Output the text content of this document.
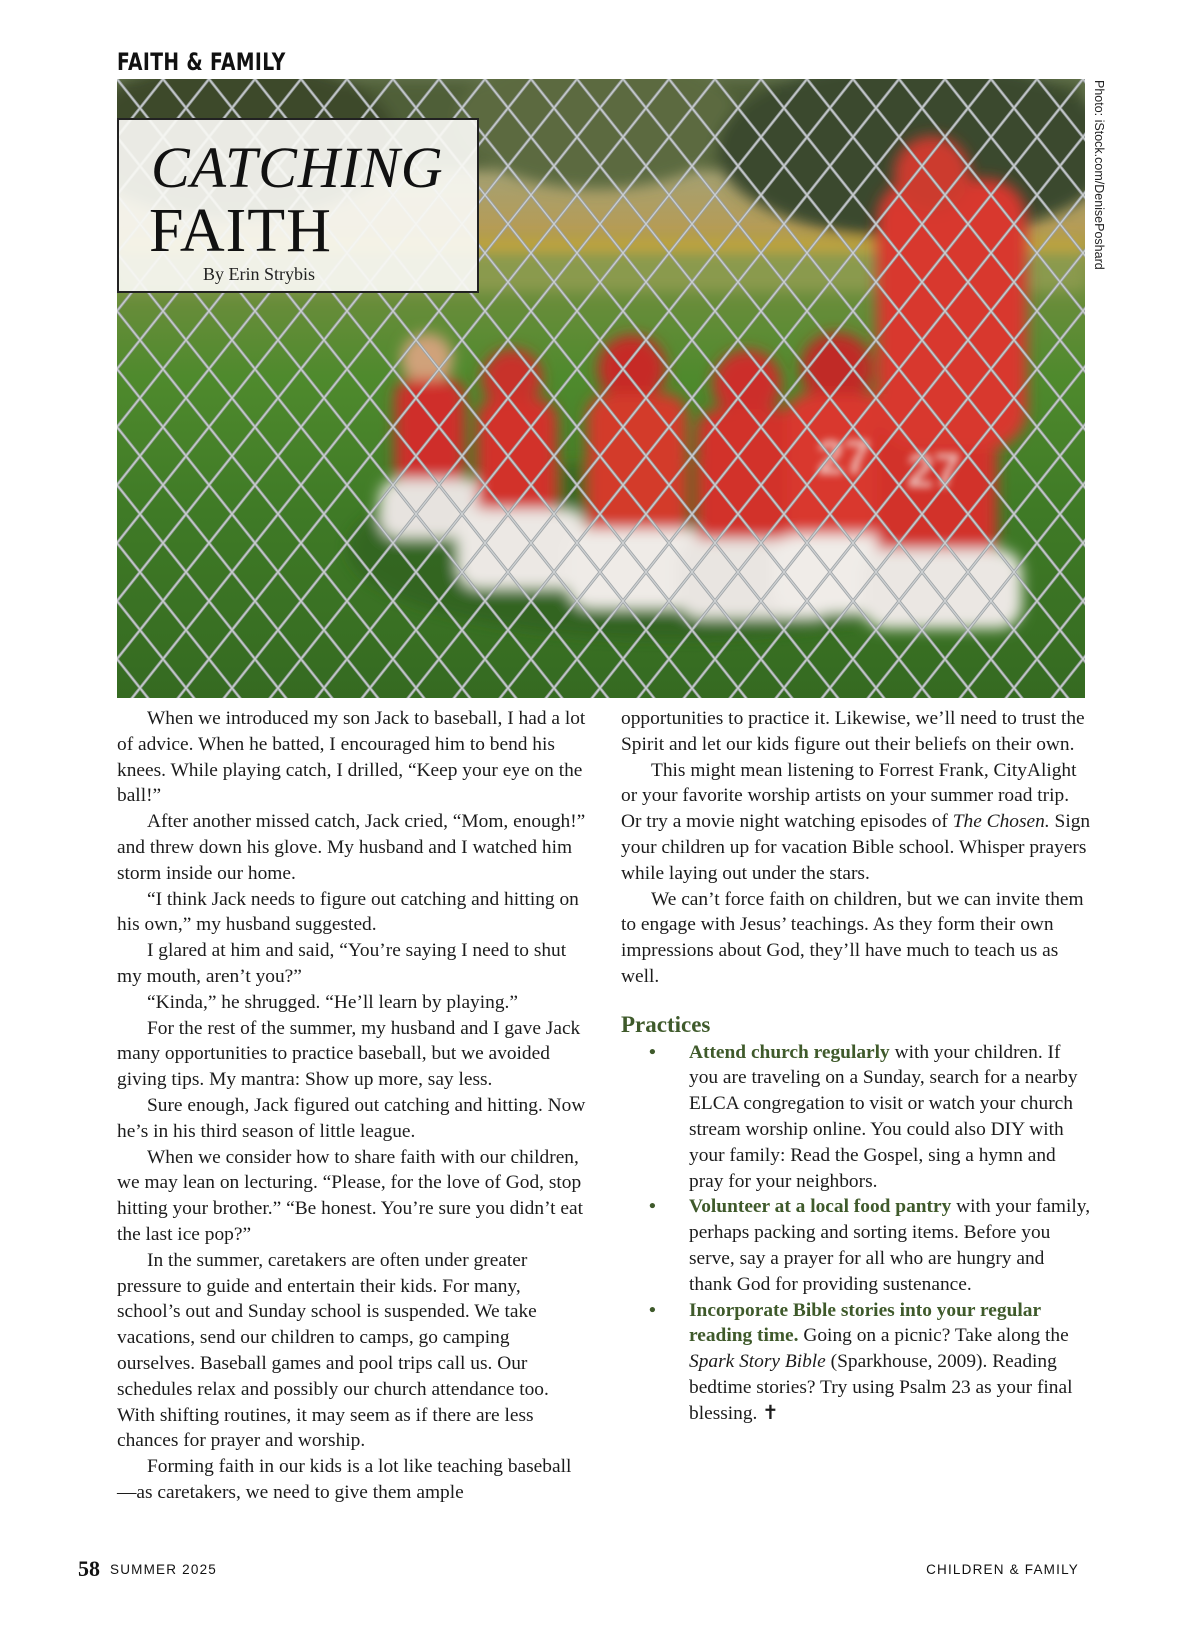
FAITH & FAMILY
Photo: iStock.com/DenisePoshard
CATCHING
FAITH
By Erin Strybis

When we introduced my son Jack to baseball, I had a lot of advice. When he batted, I encouraged him to bend his knees. While playing catch, I drilled, “Keep your eye on the ball!”

After another missed catch, Jack cried, “Mom, enough!” and threw down his glove. My husband and I watched him storm inside our home.

“I think Jack needs to figure out catching and hitting on his own,” my husband suggested.

I glared at him and said, “You’re saying I need to shut my mouth, aren’t you?”

“Kinda,” he shrugged. “He’ll learn by playing.”

For the rest of the summer, my husband and I gave Jack many opportunities to practice baseball, but we avoided giving tips. My mantra: Show up more, say less.

Sure enough, Jack figured out catching and hitting. Now he’s in his third season of little league.

When we consider how to share faith with our children, we may lean on lecturing. “Please, for the love of God, stop hitting your brother.” “Be honest. You’re sure you didn’t eat the last ice pop?”

In the summer, caretakers are often under greater pressure to guide and entertain their kids. For many, school’s out and Sunday school is suspended. We take vacations, send our children to camps, go camping ourselves. Baseball games and pool trips call us. Our schedules relax and possibly our church attendance too. With shifting routines, it may seem as if there are less chances for prayer and worship.

Forming faith in our kids is a lot like teaching baseball—as caretakers, we need to give them ample

opportunities to practice it. Likewise, we’ll need to trust the Spirit and let our kids figure out their beliefs on their own.

This might mean listening to Forrest Frank, CityAlight or your favorite worship artists on your summer road trip. Or try a movie night watching episodes of The Chosen. Sign your children up for vacation Bible school. Whisper prayers while laying out under the stars.

We can’t force faith on children, but we can invite them to engage with Jesus’ teachings. As they form their own impressions about God, they’ll have much to teach us as well.

Practices
• Attend church regularly with your children. If you are traveling on a Sunday, search for a nearby ELCA congregation to visit or watch your church stream worship online. You could also DIY with your family: Read the Gospel, sing a hymn and pray for your neighbors.
• Volunteer at a local food pantry with your family, perhaps packing and sorting items. Before you serve, say a prayer for all who are hungry and thank God for providing sustenance.
• Incorporate Bible stories into your regular reading time. Going on a picnic? Take along the Spark Story Bible (Sparkhouse, 2009). Reading bedtime stories? Try using Psalm 23 as your final blessing. ✝
58 SUMMER 2025	CHILDREN & FAMILY
